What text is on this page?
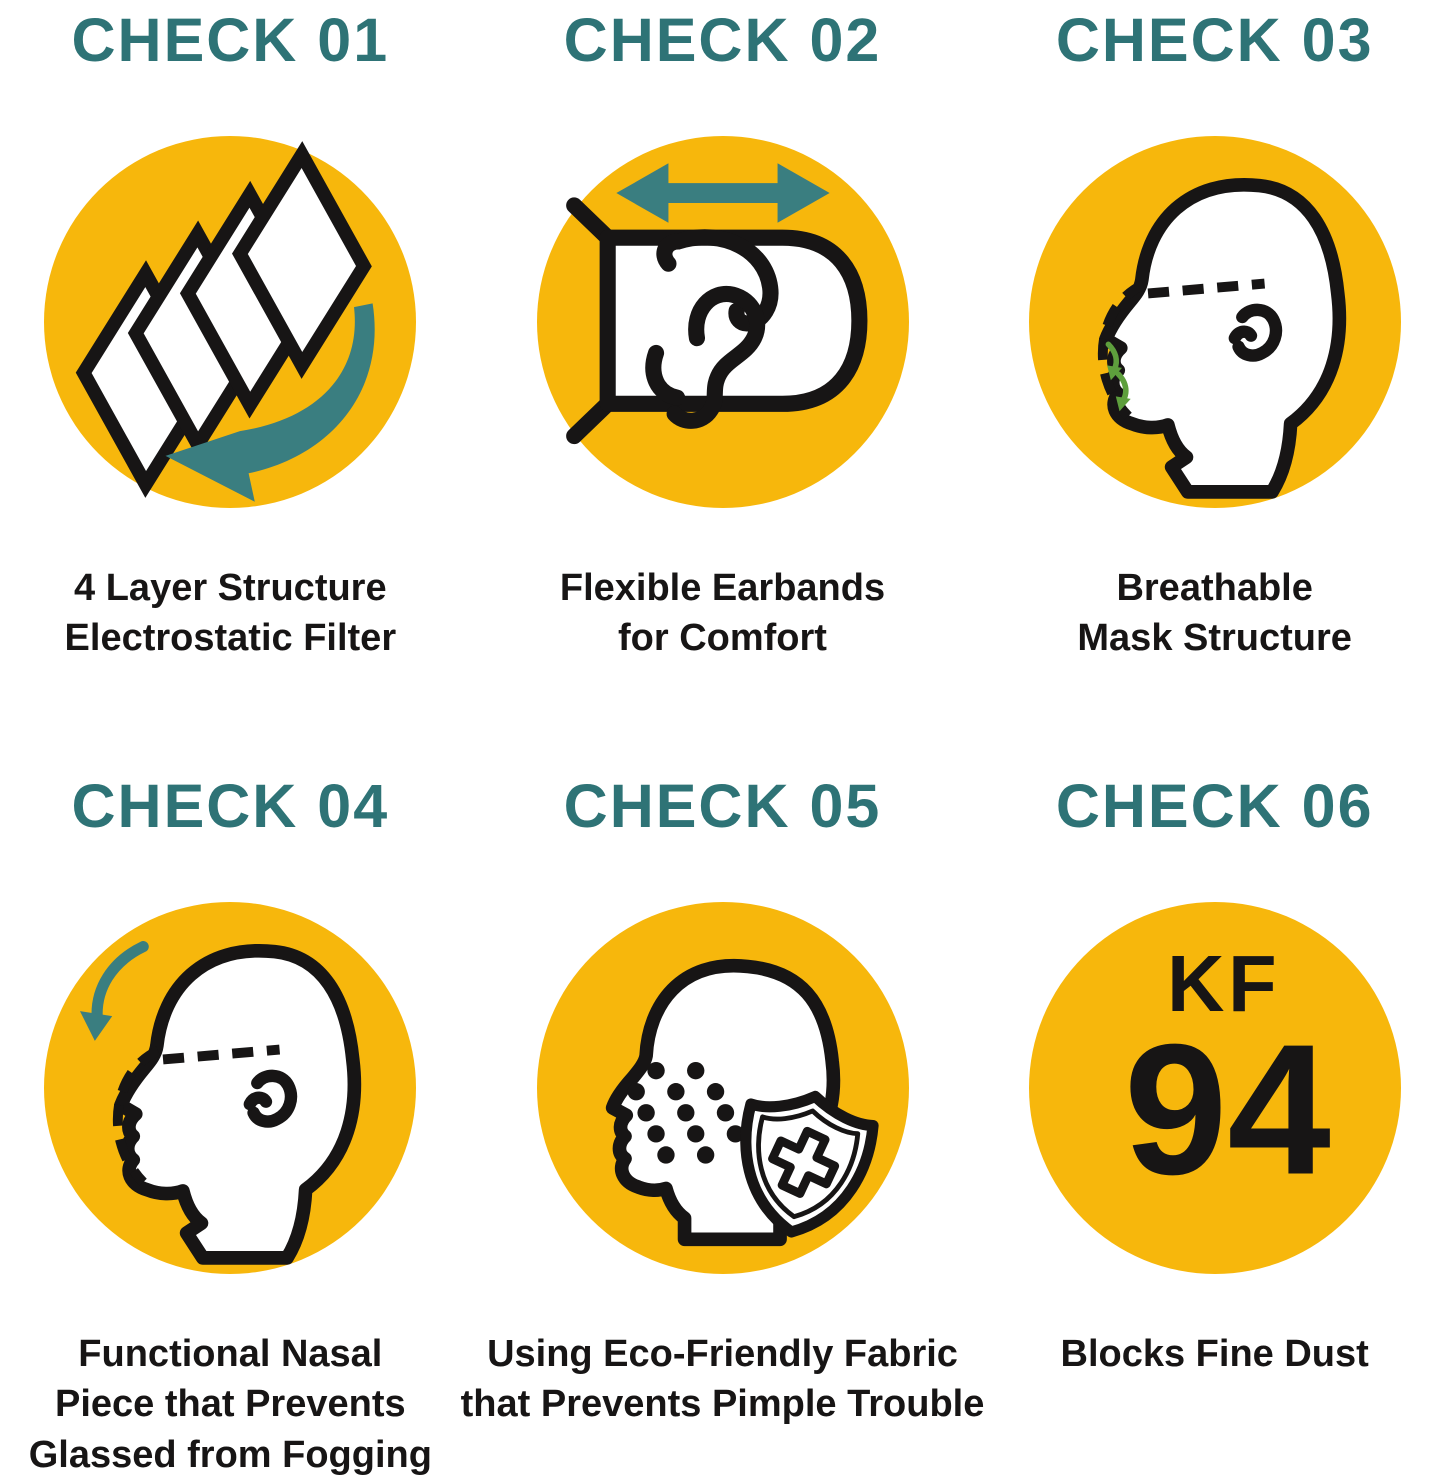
CHECK 01

4 Layer Structure
Electrostatic Filter

CHECK 02

Flexible Earbands
for Comfort

CHECK 03

Breathable
Mask Structure

CHECK 04

Functional Nasal
Piece that Prevents
Glassed from Fogging

CHECK 05

Using Eco-Friendly Fabric
that Prevents Pimple Trouble

CHECK 06
KF
94

Blocks Fine Dust
